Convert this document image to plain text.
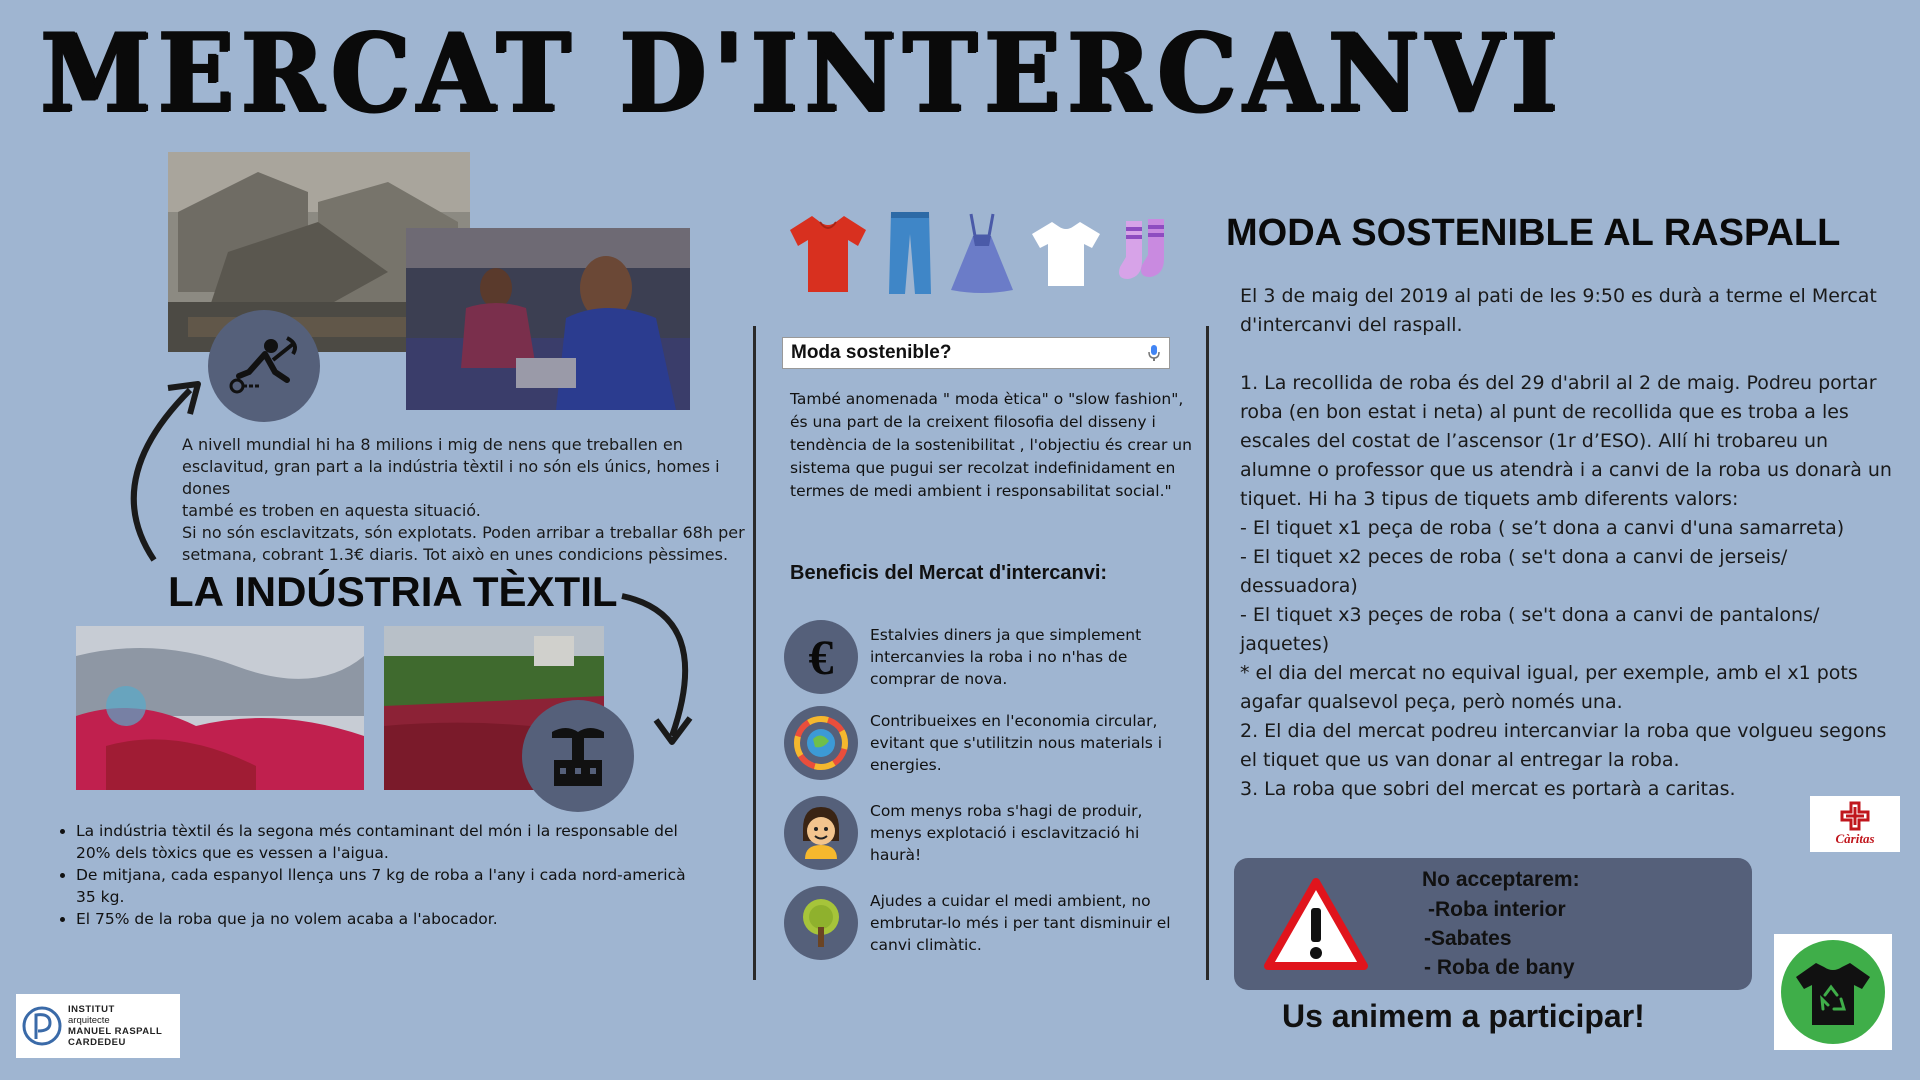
MERCAT D'INTERCANVI
A nivell mundial hi ha 8 milions i mig de nens que treballen en
esclavitud, gran part a la indústria tèxtil i no són els únics, homes i dones
també es troben en aquesta situació.
Si no són esclavitzats, són explotats. Poden arribar a treballar 68h per
setmana, cobrant 1.3€ diaris. Tot això en unes condicions pèssimes.
LA INDÚSTRIA TÈXTIL
• La indústria tèxtil és la segona més contaminant del món i la responsable del 20% dels tòxics que es vessen a l'aigua.
• De mitjana, cada espanyol llença uns 7 kg de roba a l'any i cada nord-americà 35 kg.
• El 75% de la roba que ja no volem acaba a l'abocador.
Moda sostenible?
També anomenada " moda ètica" o "slow fashion", és una part de la creixent filosofia del disseny i tendència de la sostenibilitat , l'objectiu és crear un sistema que pugui ser recolzat indefinidament en termes de medi ambient i responsabilitat social."
Beneficis del Mercat d'intercanvi:
€ Estalvies diners ja que simplement intercanvies la roba i no n'has de comprar de nova.
Contribueixes en l'economia circular, evitant que s'utilitzin nous materials i energies.
Com menys roba s'hagi de produir, menys explotació i esclavització hi haurà!
Ajudes a cuidar el medi ambient, no embrutar-lo més i per tant disminuir el canvi climàtic.
MODA SOSTENIBLE AL RASPALL

El 3 de maig del 2019 al pati de les 9:50 es durà a terme el Mercat d'intercanvi del raspall.

1. La recollida de roba és del 29 d'abril al 2 de maig. Podreu portar roba (en bon estat i neta) al punt de recollida que es troba a les escales del costat de l’ascensor (1r d’ESO). Allí hi trobareu un alumne o professor que us atendrà i a canvi de la roba us donarà un tiquet. Hi ha 3 tipus de tiquets amb diferents valors:
- El tiquet x1 peça de roba ( se’t dona a canvi d'una samarreta)
- El tiquet x2 peces de roba ( se't dona a canvi de jerseis/ dessuadora)
- El tiquet x3 peçes de roba ( se't dona a canvi de pantalons/ jaquetes)
* el dia del mercat no equival igual, per exemple, amb el x1 pots agafar qualsevol peça, però només una.
2. El dia del mercat podreu intercanviar la roba que volgueu segons el tiquet que us van donar al entregar la roba.
3. La roba que sobri del mercat es portarà a caritas.

Càritas
No acceptarem:
-Roba interior
-Sabates
- Roba de bany
Us animem a participar!
INSTITUT
arquitecte
MANUEL RASPALL
CARDEDEU
